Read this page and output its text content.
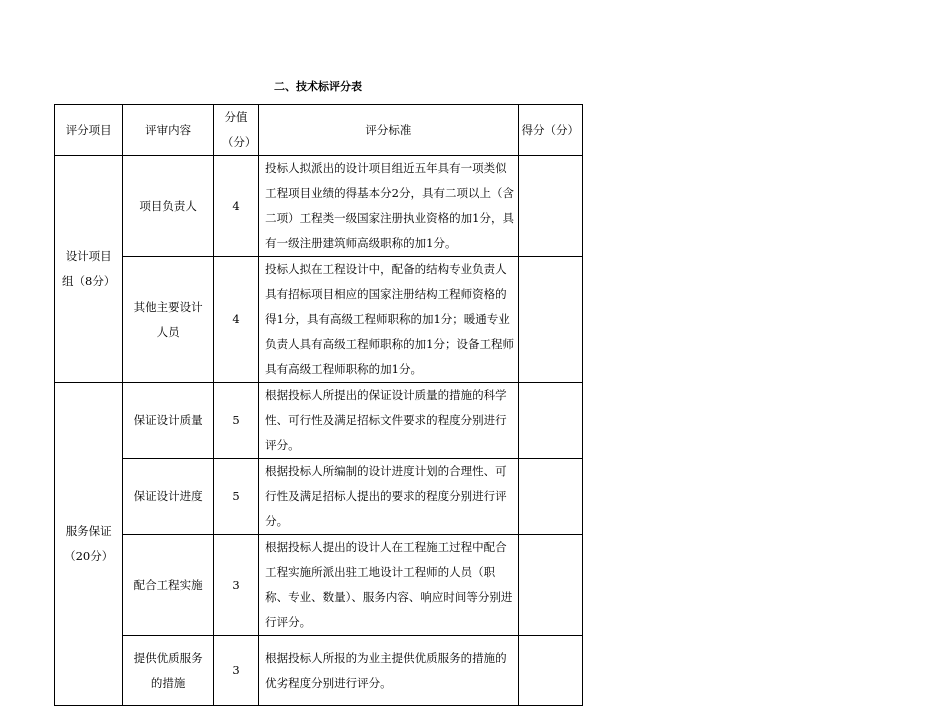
二、技术标评分表
评分项目	评审内容	分值（分）	评分标准	得分（分）
设计项目组（8分）	项目负责人	4	投标人拟派出的设计项目组近五年具有一项类似工程项目业绩的得基本分2分，具有二项以上（含二项）工程类一级国家注册执业资格的加1分，具有一级注册建筑师高级职称的加1分。	
	其他主要设计人员	4	投标人拟在工程设计中，配备的结构专业负责人具有招标项目相应的国家注册结构工程师资格的得1分，具有高级工程师职称的加1分；暖通专业负责人具有高级工程师职称的加1分；设备工程师具有高级工程师职称的加1分。	
服务保证（20分）	保证设计质量	5	根据投标人所提出的保证设计质量的措施的科学性、可行性及满足招标文件要求的程度分别进行评分。	
	保证设计进度	5	根据投标人所编制的设计进度计划的合理性、可行性及满足招标人提出的要求的程度分别进行评分。	
	配合工程实施	3	根据投标人提出的设计人在工程施工过程中配合工程实施所派出驻工地设计工程师的人员（职称、专业、数量）、服务内容、响应时间等分别进行评分。	
	提供优质服务的措施	3	根据投标人所报的为业主提供优质服务的措施的优劣程度分别进行评分。	
